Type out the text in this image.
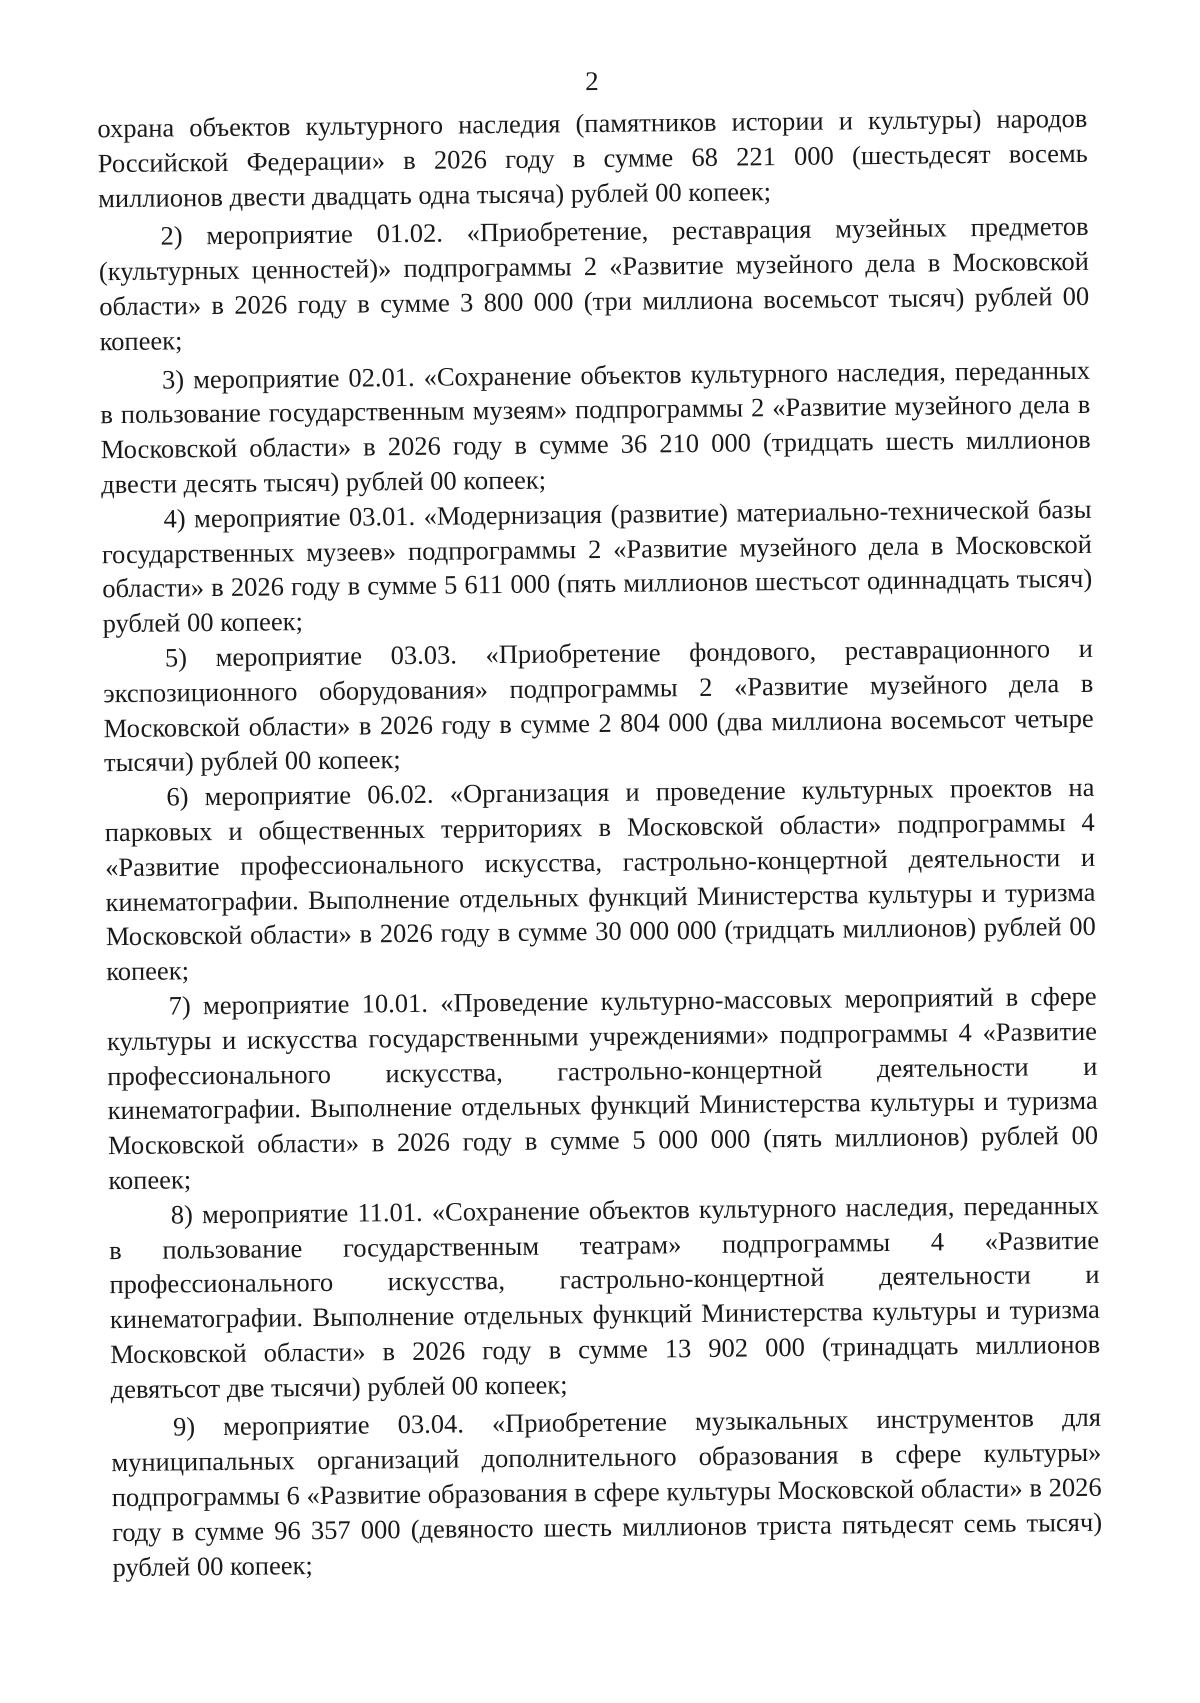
2

охрана объектов культурного наследия (памятников истории и культуры) народов Российской Федерации» в 2026 году в сумме 68 221 000 (шестьдесят восемь миллионов двести двадцать одна тысяча) рублей 00 копеек;

2) мероприятие 01.02. «Приобретение, реставрация музейных предметов (культурных ценностей)» подпрограммы 2 «Развитие музейного дела в Московской области» в 2026 году в сумме 3 800 000 (три миллиона восемьсот тысяч) рублей 00 копеек;

3) мероприятие 02.01. «Сохранение объектов культурного наследия, переданных в пользование государственным музеям» подпрограммы 2 «Развитие музейного дела в Московской области» в 2026 году в сумме 36 210 000 (тридцать шесть миллионов двести десять тысяч) рублей 00 копеек;

4) мероприятие 03.01. «Модернизация (развитие) материально-технической базы государственных музеев» подпрограммы 2 «Развитие музейного дела в Московской области» в 2026 году в сумме 5 611 000 (пять миллионов шестьсот одиннадцать тысяч) рублей 00 копеек;

5) мероприятие 03.03. «Приобретение фондового, реставрационного и экспозиционного оборудования» подпрограммы 2 «Развитие музейного дела в Московской области» в 2026 году в сумме 2 804 000 (два миллиона восемьсот четыре тысячи) рублей 00 копеек;

6) мероприятие 06.02. «Организация и проведение культурных проектов на парковых и общественных территориях в Московской области» подпрограммы 4 «Развитие профессионального искусства, гастрольно-концертной деятельности и кинематографии. Выполнение отдельных функций Министерства культуры и туризма Московской области» в 2026 году в сумме 30 000 000 (тридцать миллионов) рублей 00 копеек;

7) мероприятие 10.01. «Проведение культурно-массовых мероприятий в сфере культуры и искусства государственными учреждениями» подпрограммы 4 «Развитие профессионального искусства, гастрольно-концертной деятельности и кинематографии. Выполнение отдельных функций Министерства культуры и туризма Московской области» в 2026 году в сумме 5 000 000 (пять миллионов) рублей 00 копеек;

8) мероприятие 11.01. «Сохранение объектов культурного наследия, переданных в пользование государственным театрам» подпрограммы 4 «Развитие профессионального искусства, гастрольно-концертной деятельности и кинематографии. Выполнение отдельных функций Министерства культуры и туризма Московской области» в 2026 году в сумме 13 902 000 (тринадцать миллионов девятьсот две тысячи) рублей 00 копеек;

9) мероприятие 03.04. «Приобретение музыкальных инструментов для муниципальных организаций дополнительного образования в сфере культуры» подпрограммы 6 «Развитие образования в сфере культуры Московской области» в 2026 году в сумме 96 357 000 (девяносто шесть миллионов триста пятьдесят семь тысяч) рублей 00 копеек;
